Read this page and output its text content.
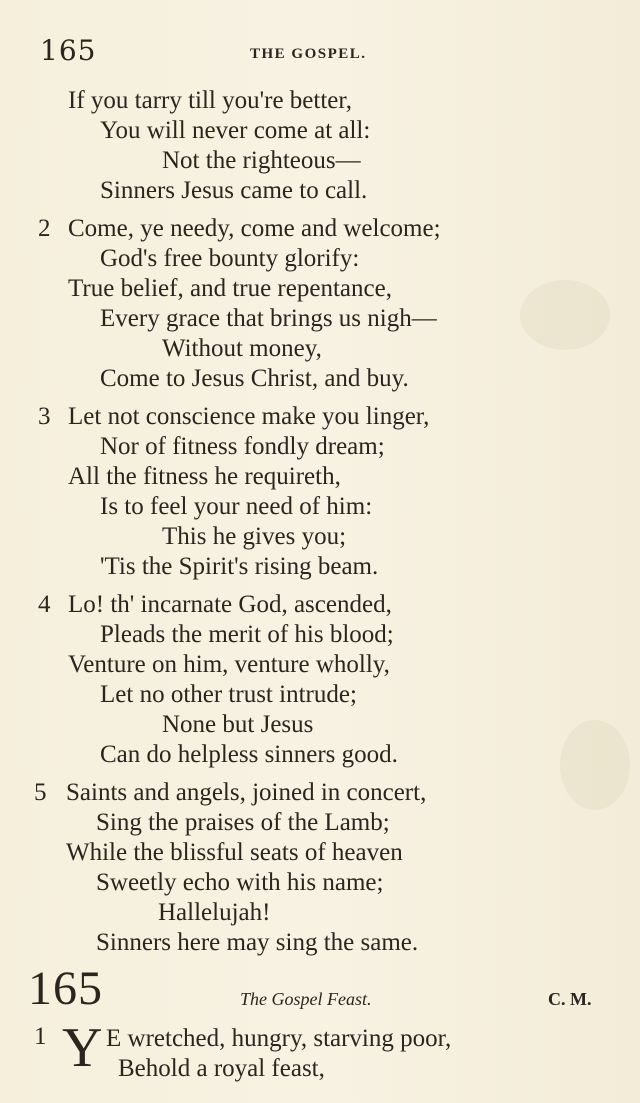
165	THE GOSPEL.
If you tarry till you're better,
You will never come at all:
Not the righteous—
Sinners Jesus came to call.
2 Come, ye needy, come and welcome;
God's free bounty glorify:
True belief, and true repentance,
Every grace that brings us nigh—
Without money,
Come to Jesus Christ, and buy.
3 Let not conscience make you linger,
Nor of fitness fondly dream;
All the fitness he requireth,
Is to feel your need of him:
This he gives you;
'Tis the Spirit's rising beam.
4 Lo! th' incarnate God, ascended,
Pleads the merit of his blood;
Venture on him, venture wholly,
Let no other trust intrude;
None but Jesus
Can do helpless sinners good.
5 Saints and angels, joined in concert,
Sing the praises of the Lamb;
While the blissful seats of heaven
Sweetly echo with his name;
Hallelujah!
Sinners here may sing the same.
165	The Gospel Feast.	C. M.
1 Y E wretched, hungry, starving poor,
Behold a royal feast,
